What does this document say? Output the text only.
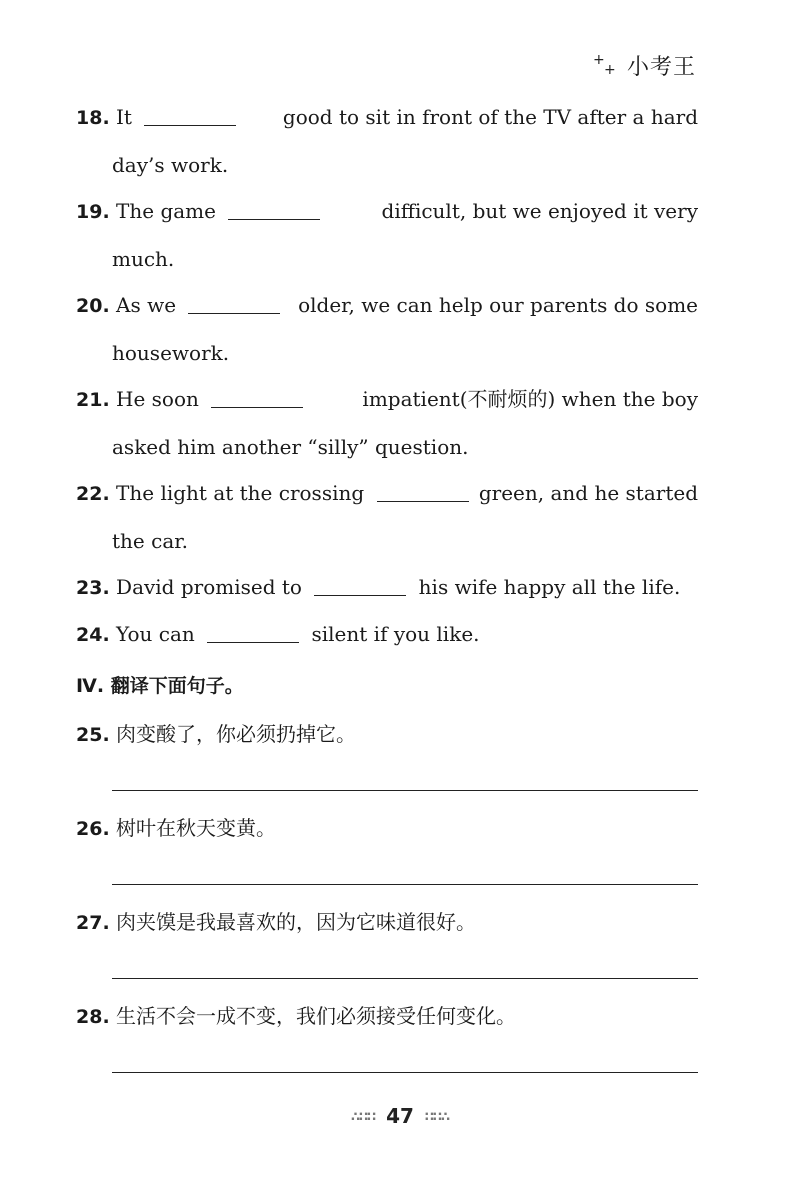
+
+ 小考王
18. It	good to sit in front of the TV after a hard
day’s work.
19. The game	difficult, but we enjoyed it very
much.
20. As we	older, we can help our parents do some
housework.
21. He soon	impatient(不耐烦的) when the boy
asked him another “silly” question.
22. The light at the crossing	green, and he started
the car.
23. David promised to	his wife happy all the life.
24. You can	silent if you like.
Ⅳ. 翻译下面句子。
25. 肉变酸了，你必须扔掉它。
26. 树叶在秋天变黄。
27. 肉夹馍是我最喜欢的，因为它味道很好。
28. 生活不会一成不变，我们必须接受任何变化。
∴∷∷ 47 ∷∷∴
